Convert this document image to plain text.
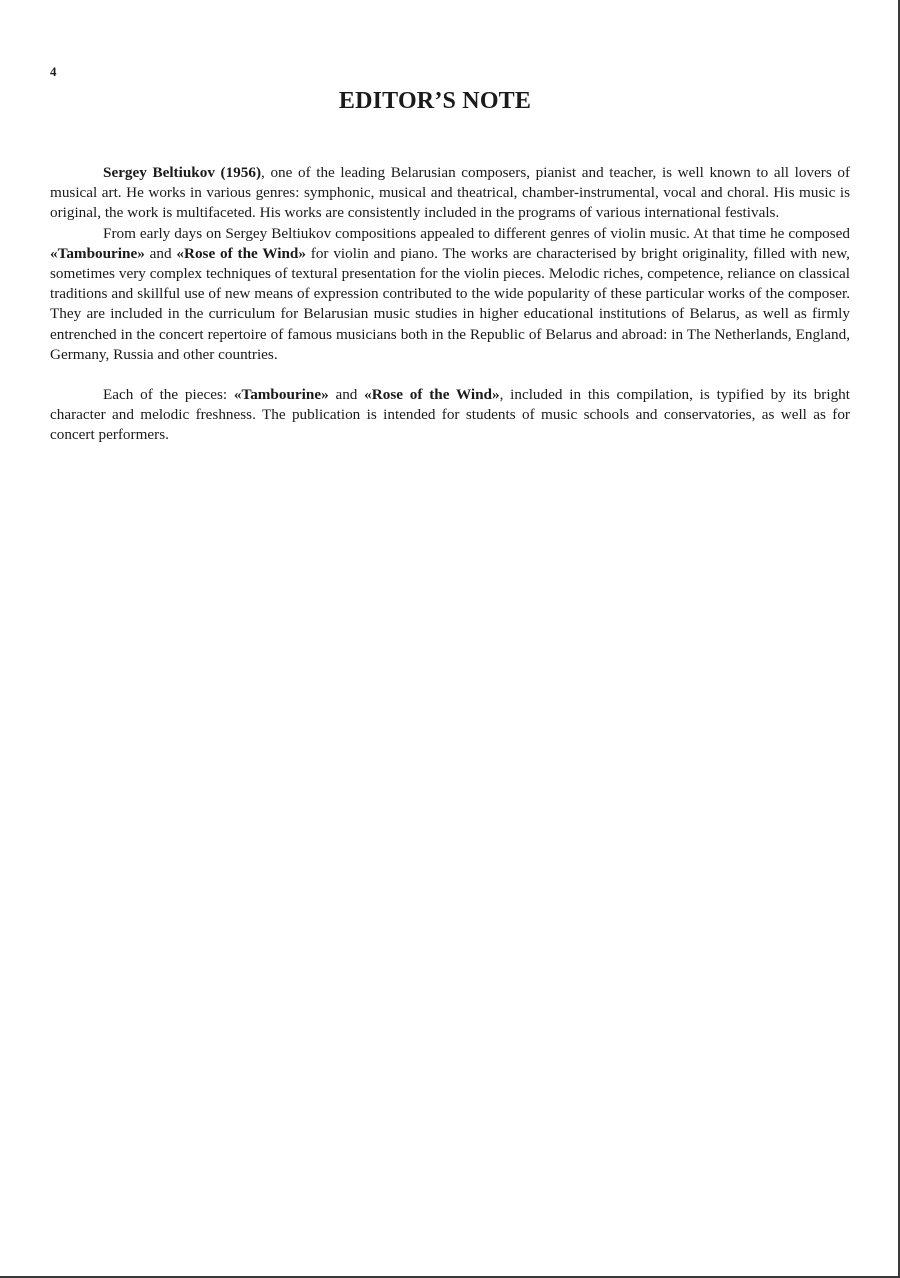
4
EDITOR’S NOTE

Sergey Beltiukov (1956), one of the leading Belarusian composers, pianist and teacher, is well known to all lovers of musical art. He works in various genres: symphonic, musical and theatrical, chamber-instrumental, vocal and choral. His music is original, the work is multifaceted. His works are consistently included in the programs of various international festivals.

From early days on Sergey Beltiukov compositions appealed to different genres of violin music. At that time he composed «Tambourine» and «Rose of the Wind» for violin and piano. The works are characterised by bright originality, filled with new, sometimes very complex techniques of textural presentation for the violin pieces. Melodic riches, competence, reliance on classical traditions and skillful use of new means of expression contributed to the wide popularity of these particular works of the composer. They are included in the curriculum for Belarusian music studies in higher educational institutions of Belarus, as well as firmly entrenched in the concert repertoire of famous musicians both in the Republic of Belarus and abroad: in The Netherlands, England, Germany, Russia and other countries.

Each of the pieces: «Tambourine» and «Rose of the Wind», included in this compilation, is typified by its bright character and melodic freshness. The publication is intended for students of music schools and conservatories, as well as for concert performers.
